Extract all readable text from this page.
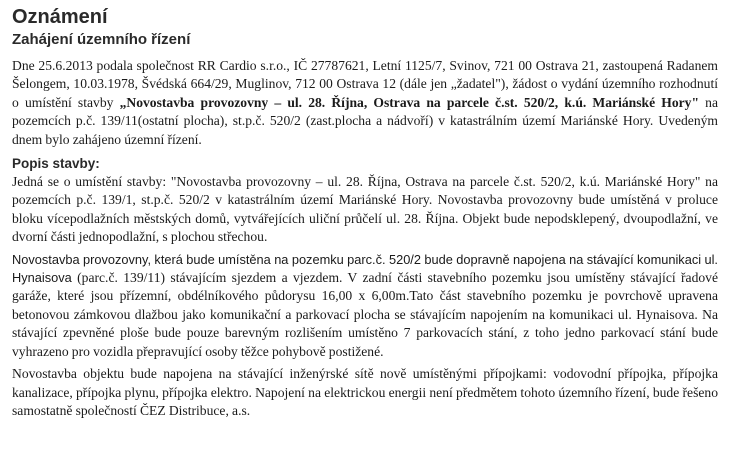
Oznámení
Zahájení územního řízení

Dne 25.6.2013 podala společnost RR Cardio s.r.o., IČ 27787621, Letní 1125/7, Svinov, 721 00 Ostrava 21, zastoupená Radanem Šelongem, 10.03.1978, Švédská 664/29, Muglinov, 712 00 Ostrava 12 (dále jen „žadatel"), žádost o vydání územního rozhodnutí o umístění stavby „Novostavba provozovny – ul. 28. Října, Ostrava na parcele č.st. 520/2, k.ú. Mariánské Hory" na pozemcích p.č. 139/11(ostatní plocha), st.p.č. 520/2 (zast.plocha a nádvoří) v katastrálním území Mariánské Hory. Uvedeným dnem bylo zahájeno územní řízení.

Popis stavby:

Jedná se o umístění stavby: "Novostavba provozovny – ul. 28. Října, Ostrava na parcele č.st. 520/2, k.ú. Mariánské Hory" na pozemcích p.č. 139/1, st.p.č. 520/2 v katastrálním území Mariánské Hory. Novostavba provozovny bude umístěná v proluce bloku vícepodlažních městských domů, vytvářejících uliční průčelí ul. 28. Října. Objekt bude nepodsklepený, dvoupodlažní, ve dvorní části jednopodlažní, s plochou střechou.

Novostavba provozovny, která bude umístěna na pozemku parc.č. 520/2 bude dopravně napojena na stávající komunikaci ul. Hynaisova (parc.č. 139/11) stávajícím sjezdem a vjezdem. V zadní části stavebního pozemku jsou umístěny stávající řadové garáže, které jsou přízemní, obdélníkového půdorysu 16,00 x 6,00m.Tato část stavebního pozemku je povrchově upravena betonovou zámkovou dlažbou jako komunikační a parkovací plocha se stávajícím napojením na komunikaci ul. Hynaisova. Na stávající zpevněné ploše bude pouze barevným rozlišením umístěno 7 parkovacích stání, z toho jedno parkovací stání bude vyhrazeno pro vozidla přepravující osoby těžce pohybově postižené.

Novostavba objektu bude napojena na stávající inženýrské sítě nově umístěnými přípojkami: vodovodní přípojka, přípojka kanalizace, přípojka plynu, přípojka elektro. Napojení na elektrickou energii není předmětem tohoto územního řízení, bude řešeno samostatně společností ČEZ Distribuce, a.s.
